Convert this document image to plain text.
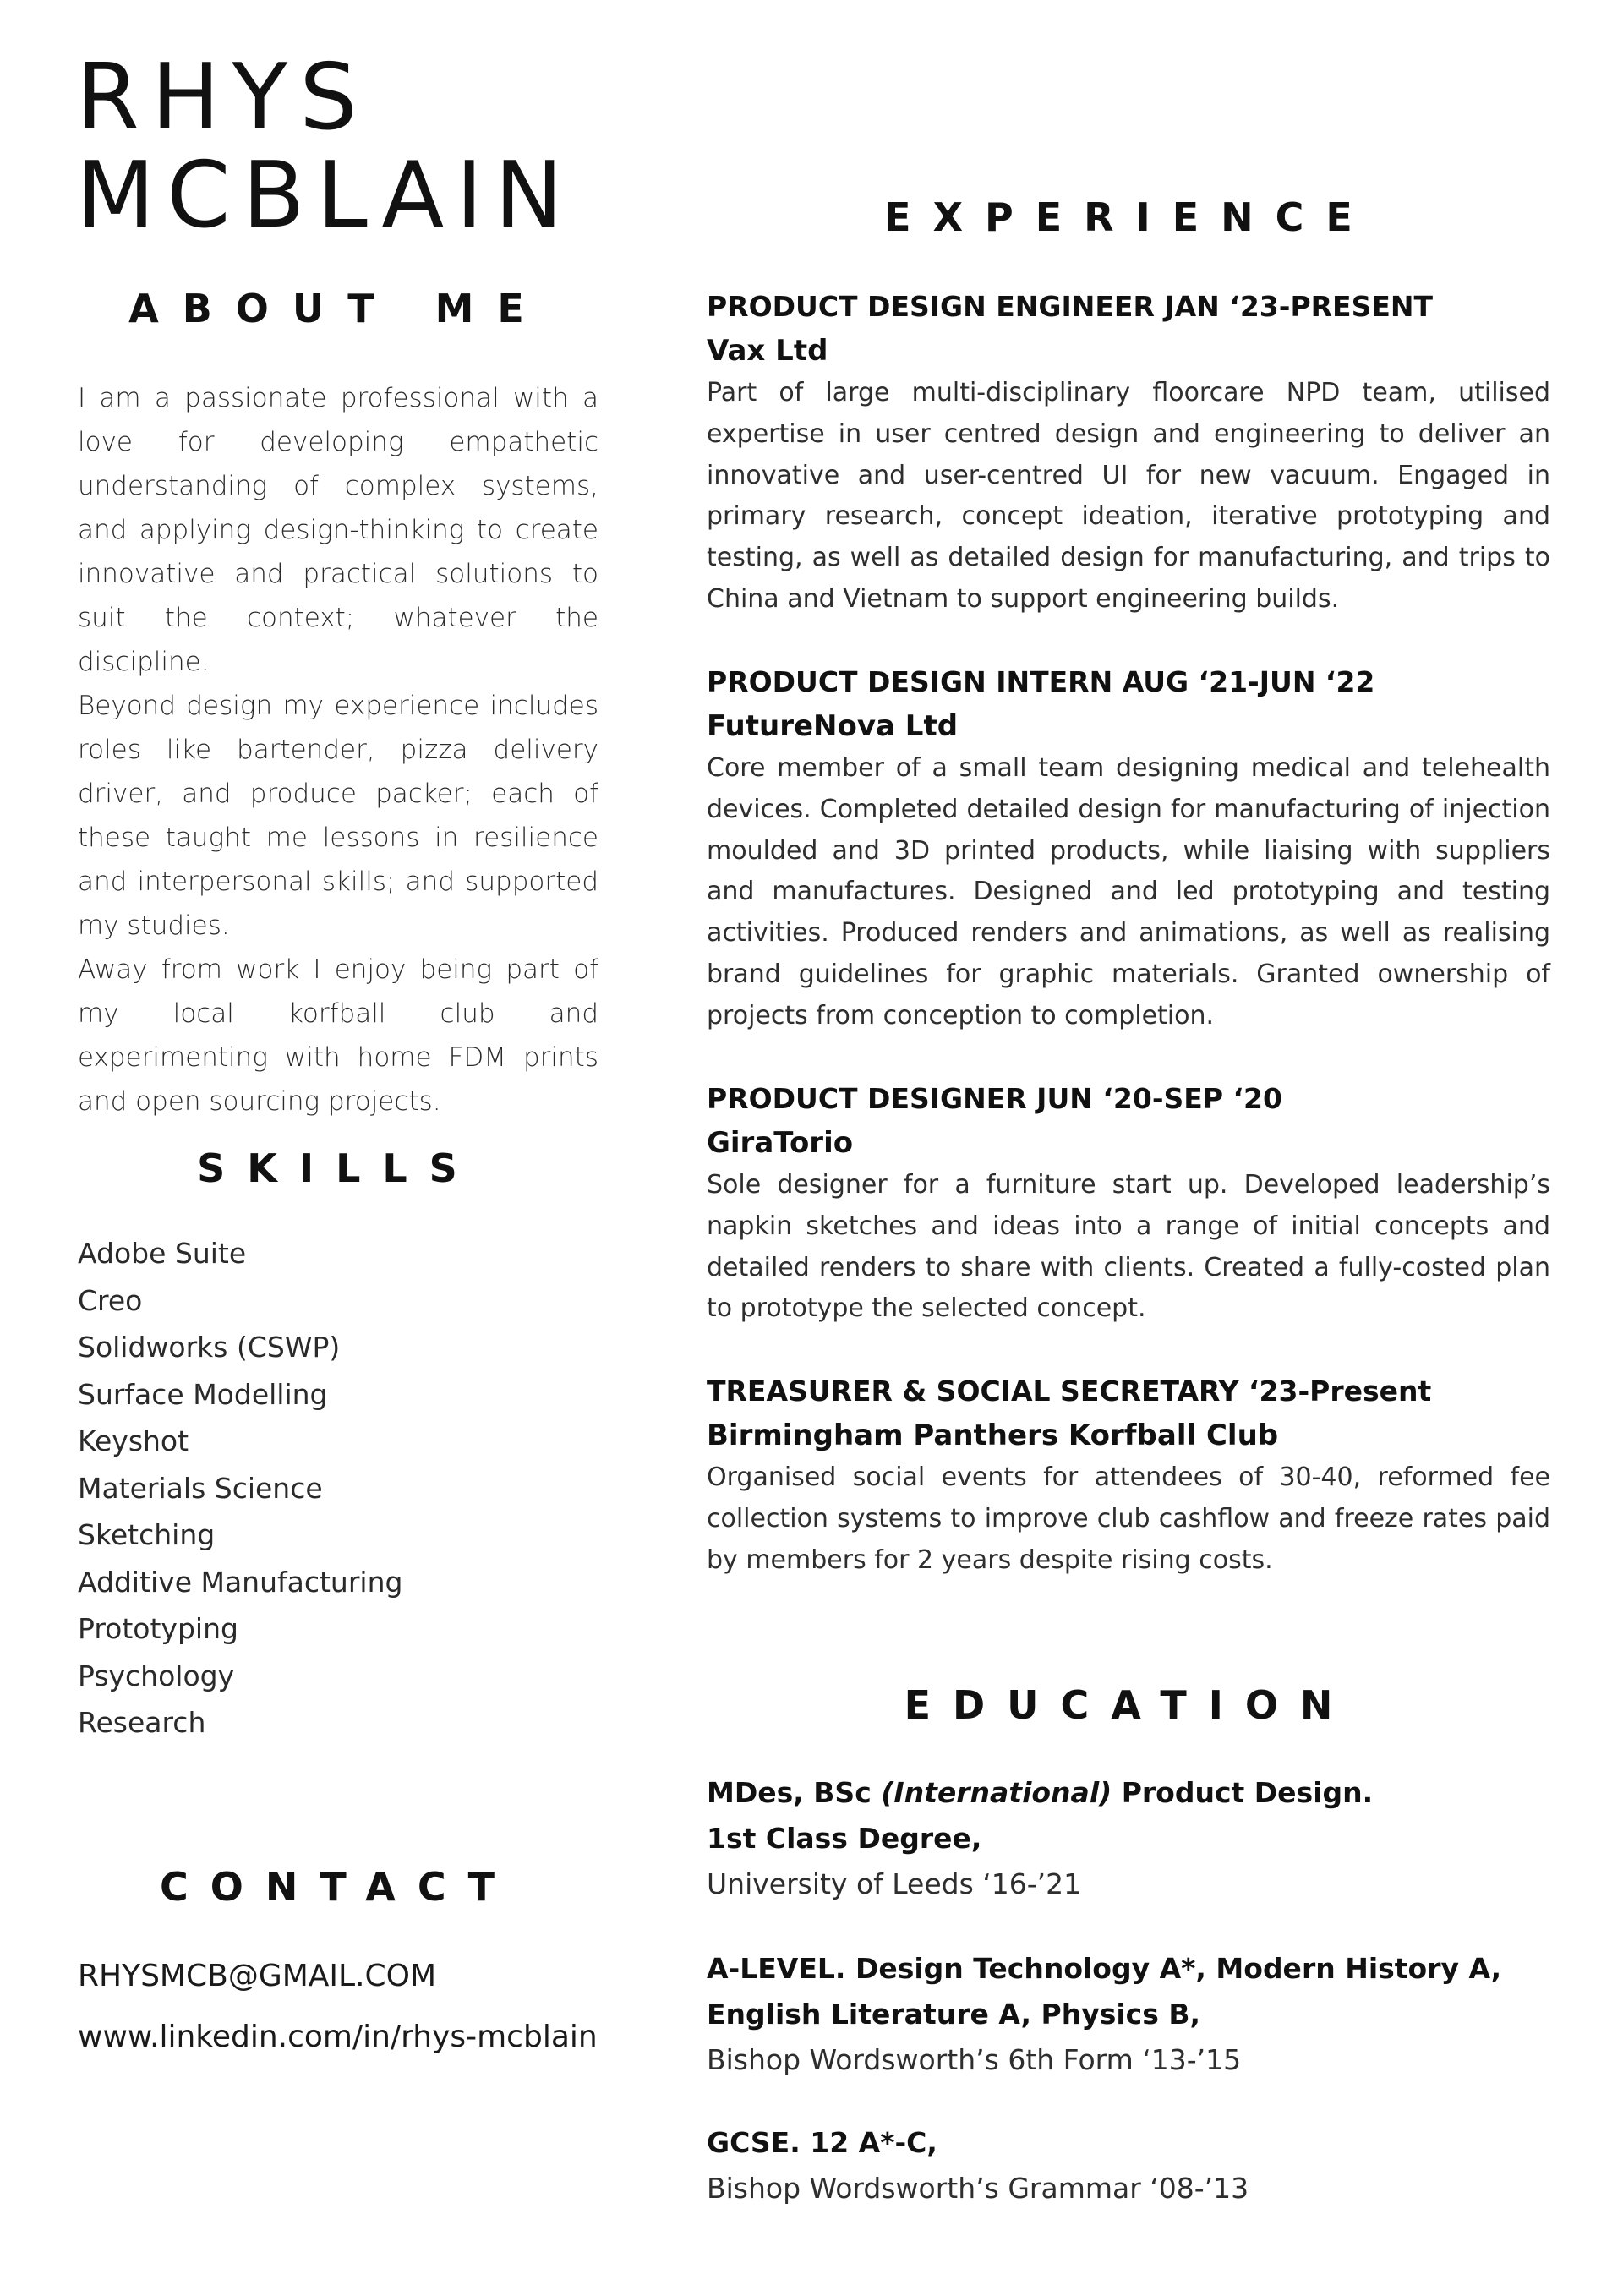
RHYS
MCBLAIN
ABOUT ME

I am a passionate professional with a love for developing empathetic understanding of complex systems, and applying design-thinking to create innovative and practical solutions to suit the context; whatever the discipline.

Beyond design my experience includes roles like bartender, pizza delivery driver, and produce packer; each of these taught me lessons in resilience and interpersonal skills; and supported my studies.

Away from work I enjoy being part of my local korfball club and experimenting with home FDM prints and open sourcing projects.

SKILLS
Adobe Suite
Creo
Solidworks (CSWP)
Surface Modelling
Keyshot
Materials Science
Sketching
Additive Manufacturing
Prototyping
Psychology
Research
CONTACT

RHYSMCB@GMAIL.COM

www.linkedin.com/in/rhys-mcblain

EXPERIENCE

PRODUCT DESIGN ENGINEER JAN ‘23-PRESENT

Vax Ltd

Part of large multi-disciplinary floorcare NPD team, utilised expertise in user centred design and engineering to deliver an innovative and user-centred UI for new vacuum. Engaged in primary research, concept ideation, iterative prototyping and testing, as well as detailed design for manufacturing, and trips to China and Vietnam to support engineering builds.

PRODUCT DESIGN INTERN AUG ‘21-JUN ‘22

FutureNova Ltd

Core member of a small team designing medical and telehealth devices. Completed detailed design for manufacturing of injection moulded and 3D printed products, while liaising with suppliers and manufactures. Designed and led prototyping and testing activities. Produced renders and animations, as well as realising brand guidelines for graphic materials. Granted ownership of projects from conception to completion.

PRODUCT DESIGNER JUN ‘20-SEP ‘20

GiraTorio

Sole designer for a furniture start up. Developed leadership’s napkin sketches and ideas into a range of initial concepts and detailed renders to share with clients. Created a fully-costed plan to prototype the selected concept.

TREASURER & SOCIAL SECRETARY ‘23-Present

Birmingham Panthers Korfball Club

Organised social events for attendees of 30-40, reformed fee collection systems to improve club cashflow and freeze rates paid by members for 2 years despite rising costs.

EDUCATION

MDes, BSc (International) Product Design.

1st Class Degree,

University of Leeds ‘16-’21

A-LEVEL. Design Technology A*, Modern History A,

English Literature A, Physics B,

Bishop Wordsworth’s 6th Form ‘13-’15

GCSE. 12 A*-C,

Bishop Wordsworth’s Grammar ‘08-’13
